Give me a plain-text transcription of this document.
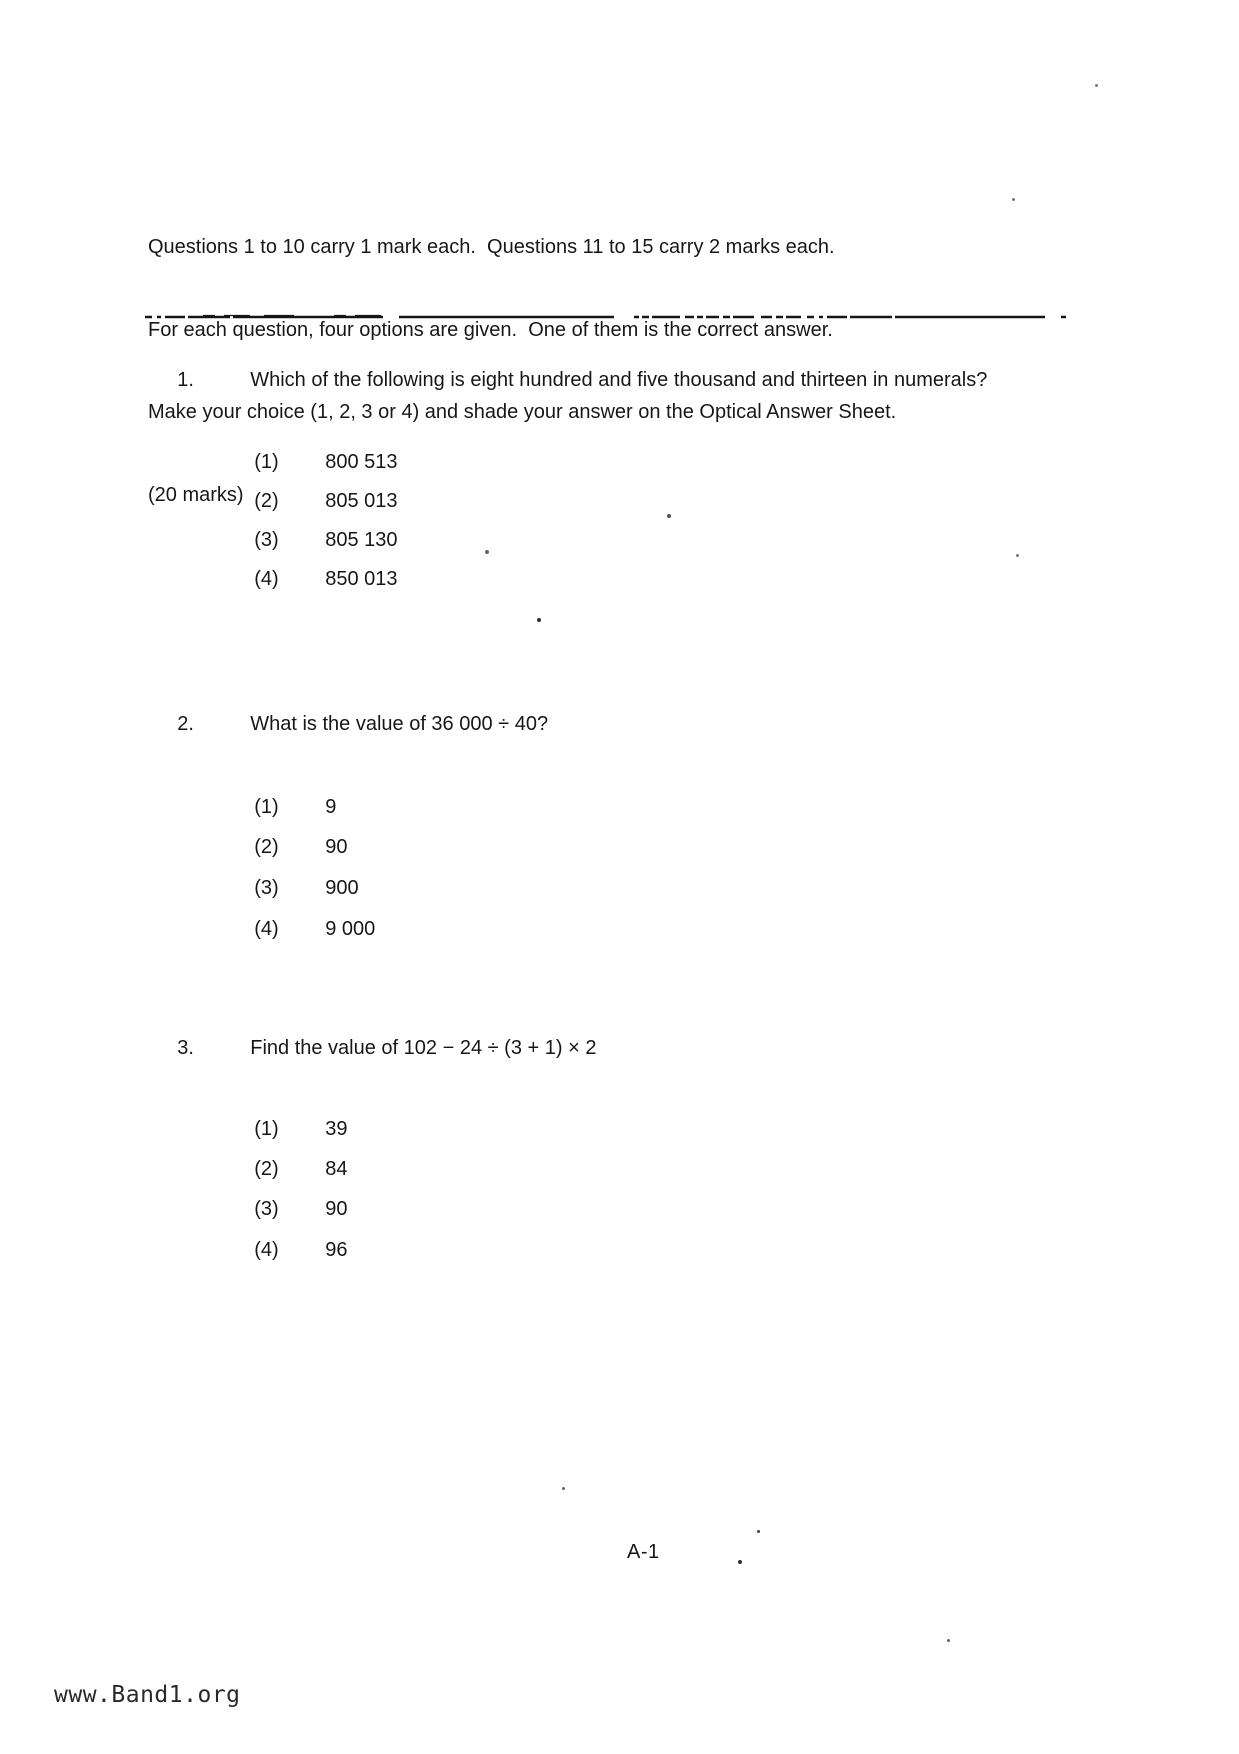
Questions 1 to 10 carry 1 mark each.  Questions 11 to 15 carry 2 marks each.

For each question, four options are given.  One of them is the correct answer.

Make your choice (1, 2, 3 or 4) and shade your answer on the Optical Answer Sheet.

(20 marks)

1.	Which of the following is eight hundred and five thousand and thirteen in numerals?

(1) 800 513

(2) 805 013

(3) 805 130

(4) 850 013

2.	What is the value of 36 000 ÷ 40?

(1) 9

(2) 90

(3) 900

(4) 9 000

3.	Find the value of 102 − 24 ÷ (3 + 1) × 2

(1) 39

(2) 84

(3) 90

(4) 96

A-1
www.Band1.org
